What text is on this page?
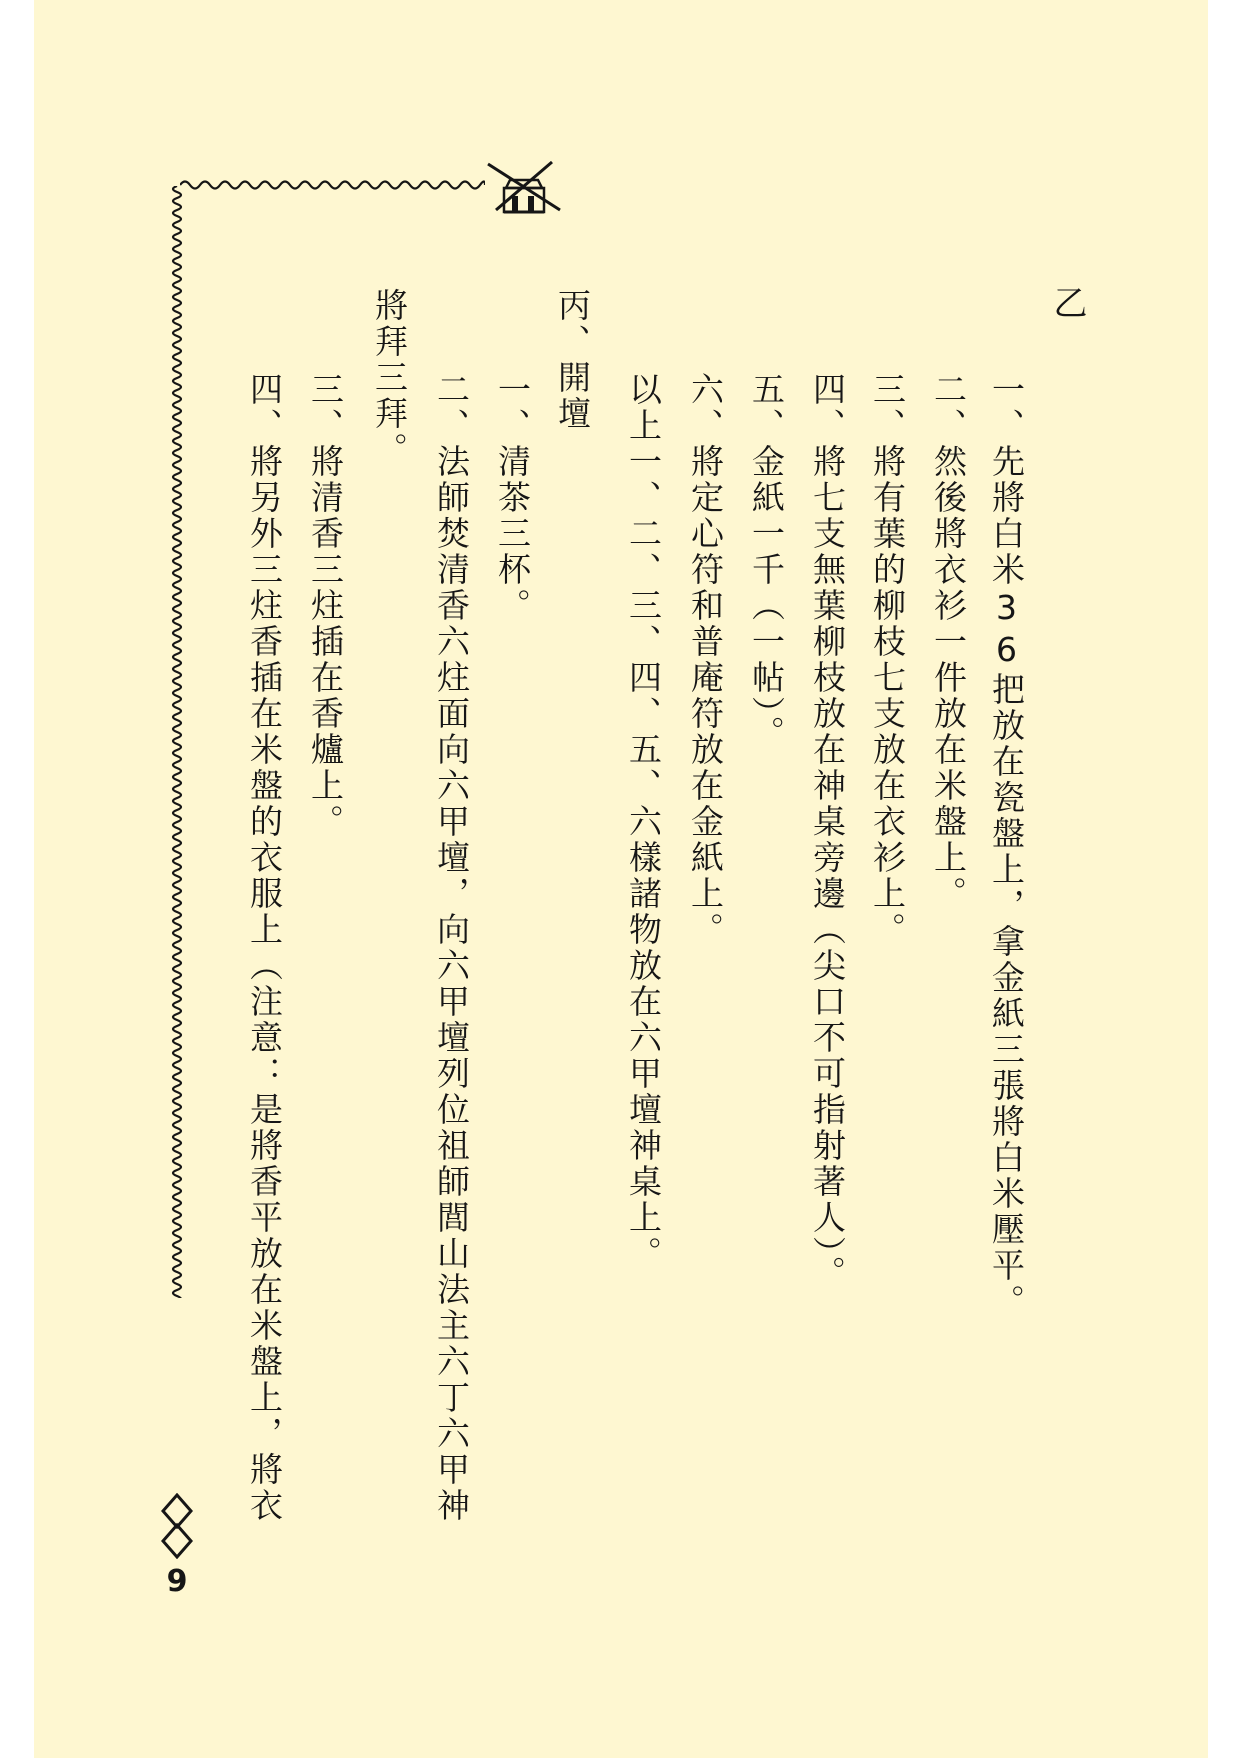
乙
一、先將白米36把放在瓷盤上，拿金紙三張將白米壓平。
二、然後將衣衫一件放在米盤上。
三、將有葉的柳枝七支放在衣衫上。
四、將七支無葉柳枝放在神桌旁邊（尖口不可指射著人）。
五、金紙一千（一帖）。
六、將定心符和普庵符放在金紙上。
以上一、二、三、四、五、六樣諸物放在六甲壇神桌上。
丙、開壇
一、清茶三杯。
二、法師焚清香六炷面向六甲壇，向六甲壇列位祖師閭山法主六丁六甲神
將拜三拜。
三、將清香三炷插在香爐上。
四、將另外三炷香插在米盤的衣服上（注意：是將香平放在米盤上，將衣
9
